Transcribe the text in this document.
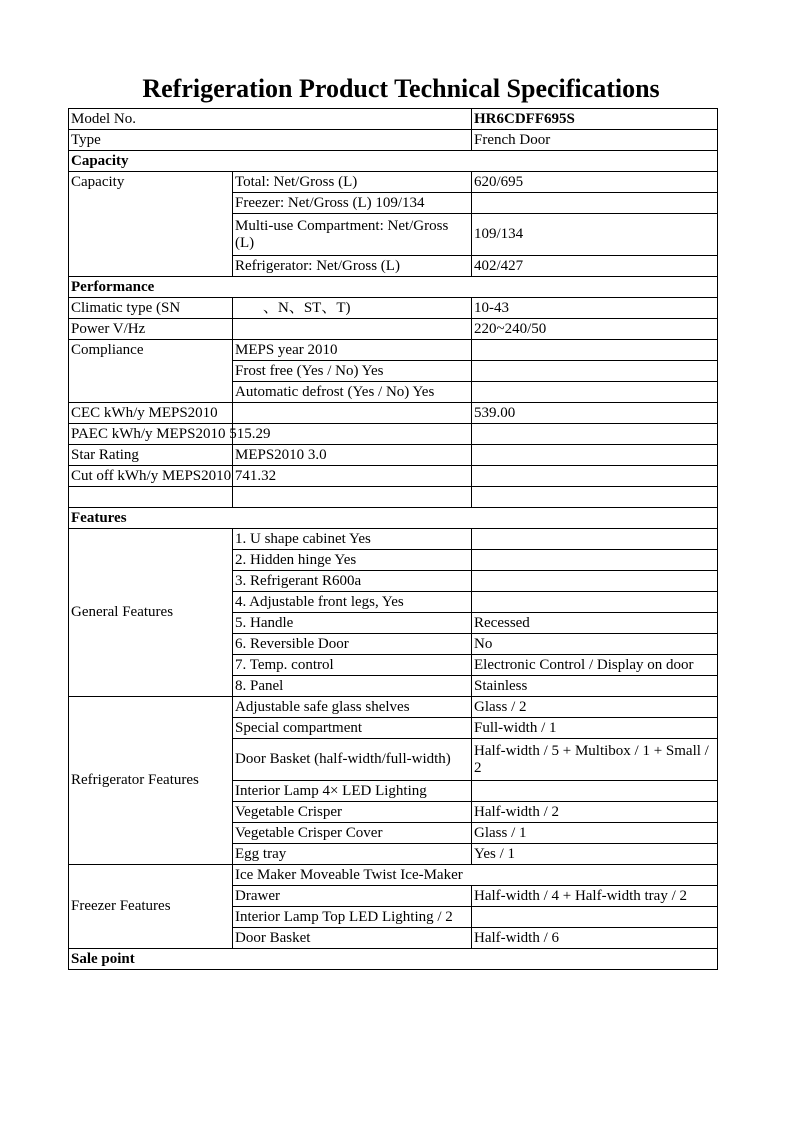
Refrigeration Product Technical Specifications
Model No.		HR6CDFF695S
Type		French Door
Capacity		
Capacity	Total: Net/Gross (L)	620/695
	Freezer: Net/Gross (L) 109/134	
	Multi-use Compartment: Net/Gross (L)	109/134
	Refrigerator: Net/Gross (L)	402/427
Performance		
Climatic type (SN	、N、ST、T)	10-43
Power V/Hz		220~240/50
Compliance	MEPS year 2010	
	Frost free (Yes / No) Yes	
	Automatic defrost (Yes / No) Yes	
CEC kWh/y MEPS2010		539.00
PAEC kWh/y MEPS2010 515.29		
Star Rating	MEPS2010 3.0	
Cut off kWh/y MEPS2010 741.32		

Features		
General Features	1. U shape cabinet Yes	
	2. Hidden hinge Yes	
	3. Refrigerant R600a	
	4. Adjustable front legs, Yes	
	5. Handle	Recessed
	6. Reversible Door	No
	7. Temp. control	Electronic Control / Display on door
	8. Panel	Stainless
Refrigerator Features	Adjustable safe glass shelves	Glass / 2
	Special compartment	Full-width / 1
	Door Basket (half-width/full-width)	Half-width / 5 + Multibox / 1 + Small / 2
	Interior Lamp 4× LED Lighting	
	Vegetable Crisper	Half-width / 2
	Vegetable Crisper Cover	Glass / 1
	Egg tray	Yes / 1
Freezer Features	Ice Maker Moveable Twist Ice-Maker	
	Drawer	Half-width / 4 + Half-width tray / 2
	Interior Lamp Top LED Lighting / 2	
	Door Basket	Half-width / 6
Sale point		
